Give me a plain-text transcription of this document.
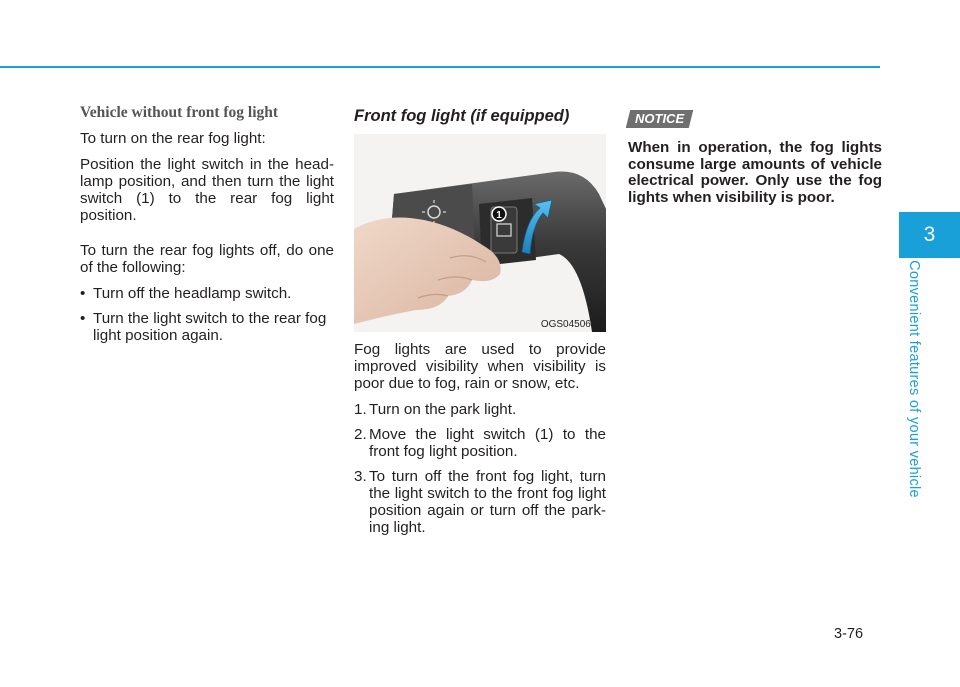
Vehicle without front fog light

To turn on the rear fog light:

Position the light switch in the head-lamp position, and then turn the light switch (1) to the rear fog light position.

To turn the rear fog lights off, do one of the following:

• Turn off the headlamp switch.
• Turn the light switch to the rear fog light position again.

Front fog light (if equipped)

1
OGS045063L

Fog lights are used to provide improved visibility when visibility is poor due to fog, rain or snow, etc.

1. Turn on the park light.
2. Move the light switch (1) to the front fog light position.
3. To turn off the front fog light, turn the light switch to the front fog light position again or turn off the park-ing light.
NOTICE

When in operation, the fog lights consume large amounts of vehicle electrical power. Only use the fog lights when visibility is poor.

3
Convenient features of your vehicle
3-76
